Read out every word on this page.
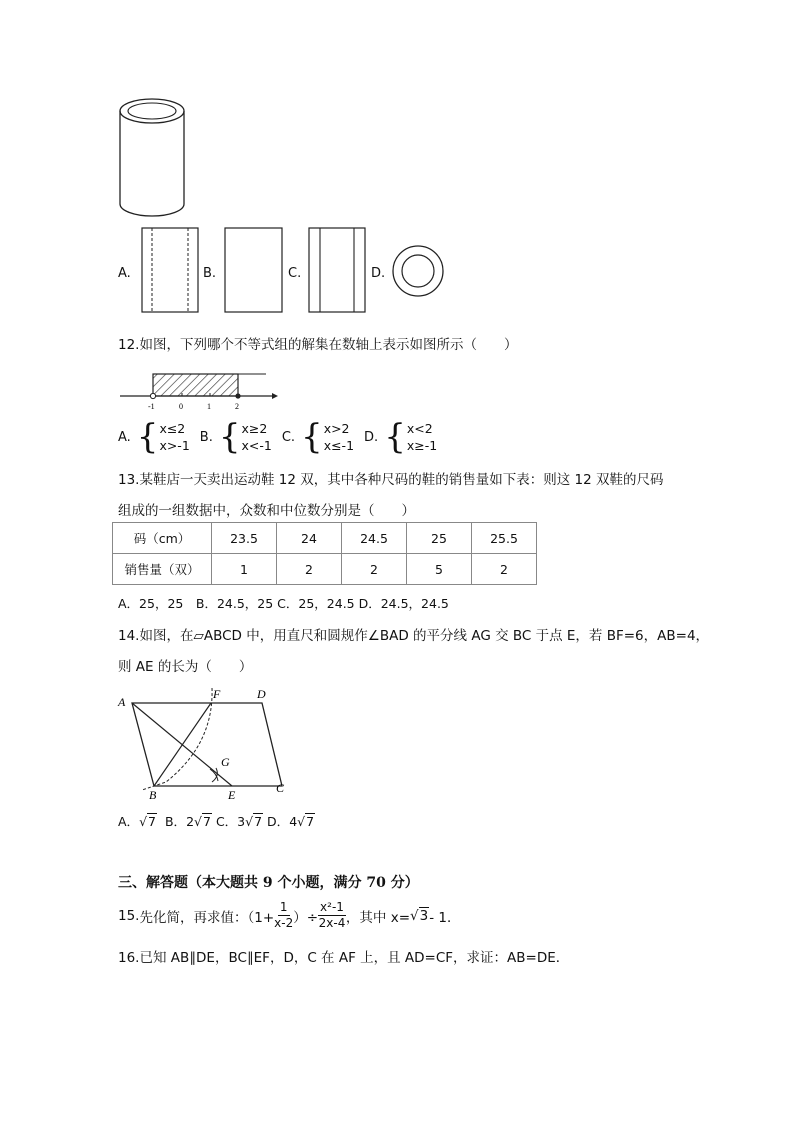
A.	B.	C.	D.
12.如图，下列哪个不等式组的解集在数轴上表示如图所示（　　）
-1	0	1	2
A. { x≤2
x>-1
B. { x≥2
x<-1
C. { x>2
x≤-1
D. { x<2
x≥-1
13.某鞋店一天卖出运动鞋 12 双，其中各种尺码的鞋的销售量如下表：则这 12 双鞋的尺码
组成的一组数据中，众数和中位数分别是（　　）
码（cm）	23.5	24	24.5	25	25.5
销售量（双）	1	2	2	5	2
A．25，25　B．24.5，25 C．25，24.5 D．24.5，24.5
14.如图，在▱ABCD 中，用直尺和圆规作∠BAD 的平分线 AG 交 BC 于点 E，若 BF=6，AB=4，
则 AE 的长为（　　）
A
F	D
G
B	E	C
A． √ 7 B． 2 √ 7 C． 3 √ 7 D． 4 √ 7
三、解答题（本大题共 9 个小题，满分 70 分）
15. 先化简，再求值：（$1+ \frac{1}{x-2}$ ）÷ $\frac{\text{x²-1}}{2x-4}$ ，其中 x= √ 3 - 1．
16.已知 AB∥DE，BC∥EF，D，C 在 AF 上，且 AD=CF，求证：AB=DE．
